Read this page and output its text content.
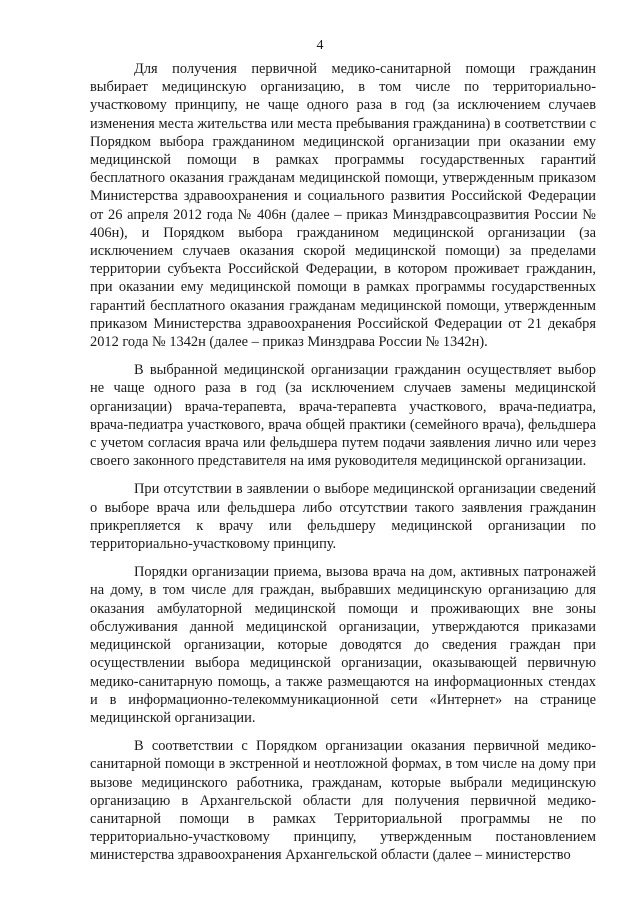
4

Для получения первичной медико-санитарной помощи гражданин выбирает медицинскую организацию, в том числе по территориально-участковому принципу, не чаще одного раза в год (за исключением случаев изменения места жительства или места пребывания гражданина) в соответствии с Порядком выбора гражданином медицинской организации при оказании ему медицинской помощи в рамках программы государственных гарантий бесплатного оказания гражданам медицинской помощи, утвержденным приказом Министерства здравоохранения и социального развития Российской Федерации от 26 апреля 2012 года № 406н (далее – приказ Минздравсоцразвития России № 406н), и Порядком выбора гражданином медицинской организации (за исключением случаев оказания скорой медицинской помощи) за пределами территории субъекта Российской Федерации, в котором проживает гражданин, при оказании ему медицинской помощи в рамках программы государственных гарантий бесплатного оказания гражданам медицинской помощи, утвержденным приказом Министерства здравоохранения Российской Федерации от 21 декабря 2012 года № 1342н (далее – приказ Минздрава России № 1342н).

В выбранной медицинской организации гражданин осуществляет выбор не чаще одного раза в год (за исключением случаев замены медицинской организации) врача-терапевта, врача-терапевта участкового, врача-педиатра, врача-педиатра участкового, врача общей практики (семейного врача), фельдшера с учетом согласия врача или фельдшера путем подачи заявления лично или через своего законного представителя на имя руководителя медицинской организации.

При отсутствии в заявлении о выборе медицинской организации сведений о выборе врача или фельдшера либо отсутствии такого заявления гражданин прикрепляется к врачу или фельдшеру медицинской организации по территориально-участковому принципу.

Порядки организации приема, вызова врача на дом, активных патронажей на дому, в том числе для граждан, выбравших медицинскую организацию для оказания амбулаторной медицинской помощи и проживающих вне зоны обслуживания данной медицинской организации, утверждаются приказами медицинской организации, которые доводятся до сведения граждан при осуществлении выбора медицинской организации, оказывающей первичную медико-санитарную помощь, а также размещаются на информационных стендах и в информационно-телекоммуникационной сети «Интернет» на странице медицинской организации.

В соответствии с Порядком организации оказания первичной медико-санитарной помощи в экстренной и неотложной формах, в том числе на дому при вызове медицинского работника, гражданам, которые выбрали медицинскую организацию в Архангельской области для получения первичной медико-санитарной помощи в рамках Территориальной программы не по территориально-участковому принципу, утвержденным постановлением министерства здравоохранения Архангельской области (далее – министерство
